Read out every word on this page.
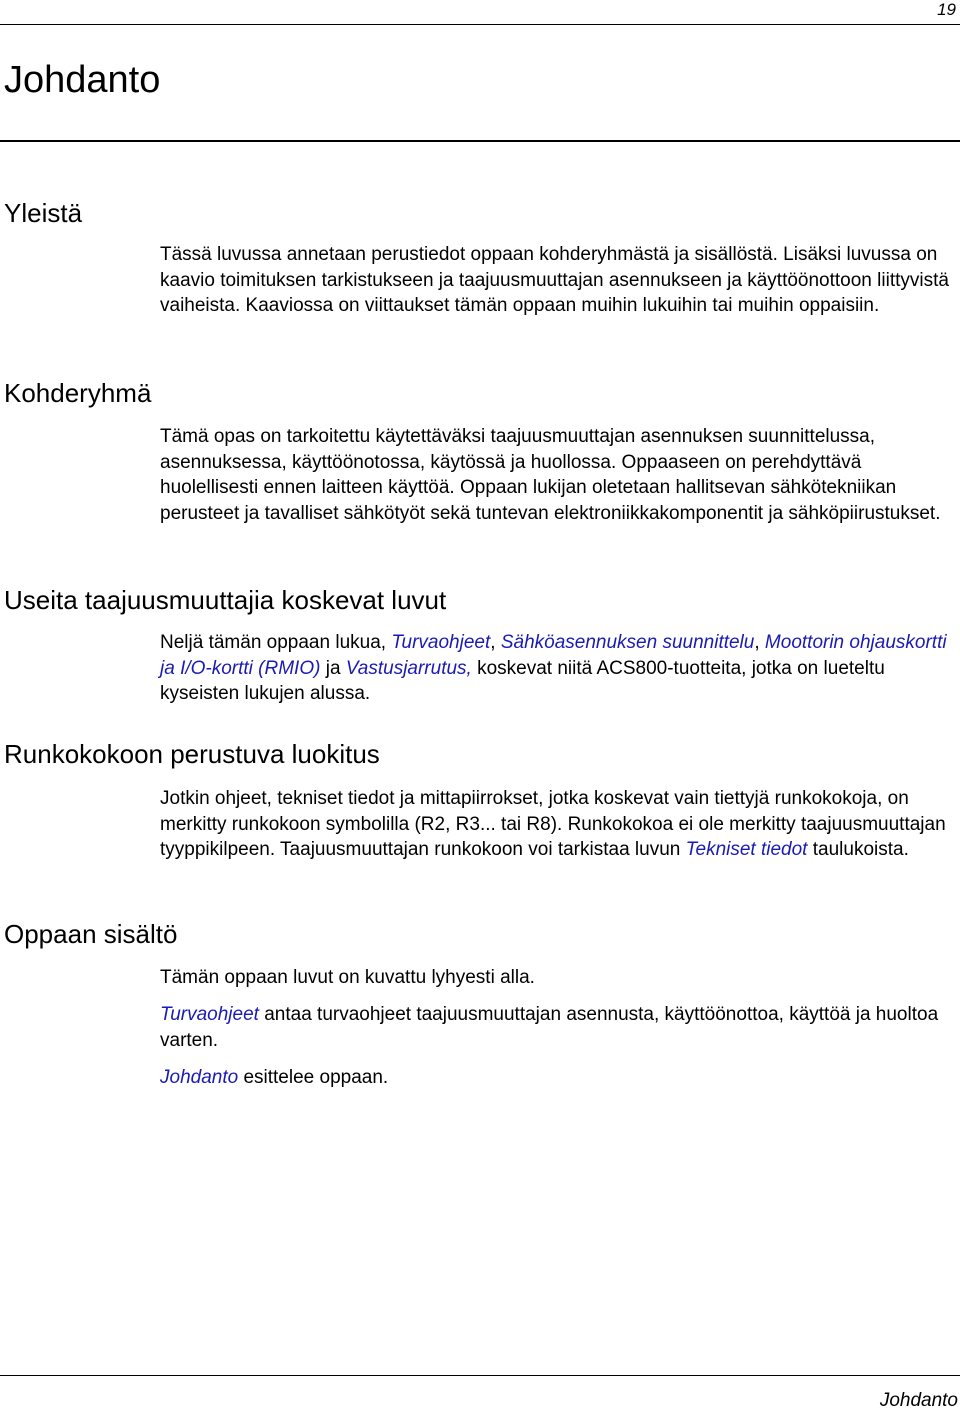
19
Johdanto
Yleistä

Tässä luvussa annetaan perustiedot oppaan kohderyhmästä ja sisällöstä. Lisäksi luvussa on kaavio toimituksen tarkistukseen ja taajuusmuuttajan asennukseen ja käyttöönottoon liittyvistä vaiheista. Kaaviossa on viittaukset tämän oppaan muihin lukuihin tai muihin oppaisiin.

Kohderyhmä

Tämä opas on tarkoitettu käytettäväksi taajuusmuuttajan asennuksen suunnittelussa, asennuksessa, käyttöönotossa, käytössä ja huollossa. Oppaaseen on perehdyttävä huolellisesti ennen laitteen käyttöä. Oppaan lukijan oletetaan hallitsevan sähkötekniikan perusteet ja tavalliset sähkötyöt sekä tuntevan elektroniikkakomponentit ja sähköpiirustukset.

Useita taajuusmuuttajia koskevat luvut

Neljä tämän oppaan lukua, Turvaohjeet, Sähköasennuksen suunnittelu, Moottorin ohjauskortti ja I/O-kortti (RMIO) ja Vastusjarrutus, koskevat niitä ACS800-tuotteita, jotka on lueteltu kyseisten lukujen alussa.

Runkokokoon perustuva luokitus

Jotkin ohjeet, tekniset tiedot ja mittapiirrokset, jotka koskevat vain tiettyjä runkokokoja, on merkitty runkokoon symbolilla (R2, R3... tai R8). Runkokokoa ei ole merkitty taajuusmuuttajan tyyppikilpeen. Taajuusmuuttajan runkokoon voi tarkistaa luvun Tekniset tiedot taulukoista.

Oppaan sisältö

Tämän oppaan luvut on kuvattu lyhyesti alla.

Turvaohjeet antaa turvaohjeet taajuusmuuttajan asennusta, käyttöönottoa, käyttöä ja huoltoa varten.

Johdanto esittelee oppaan.

Johdanto
